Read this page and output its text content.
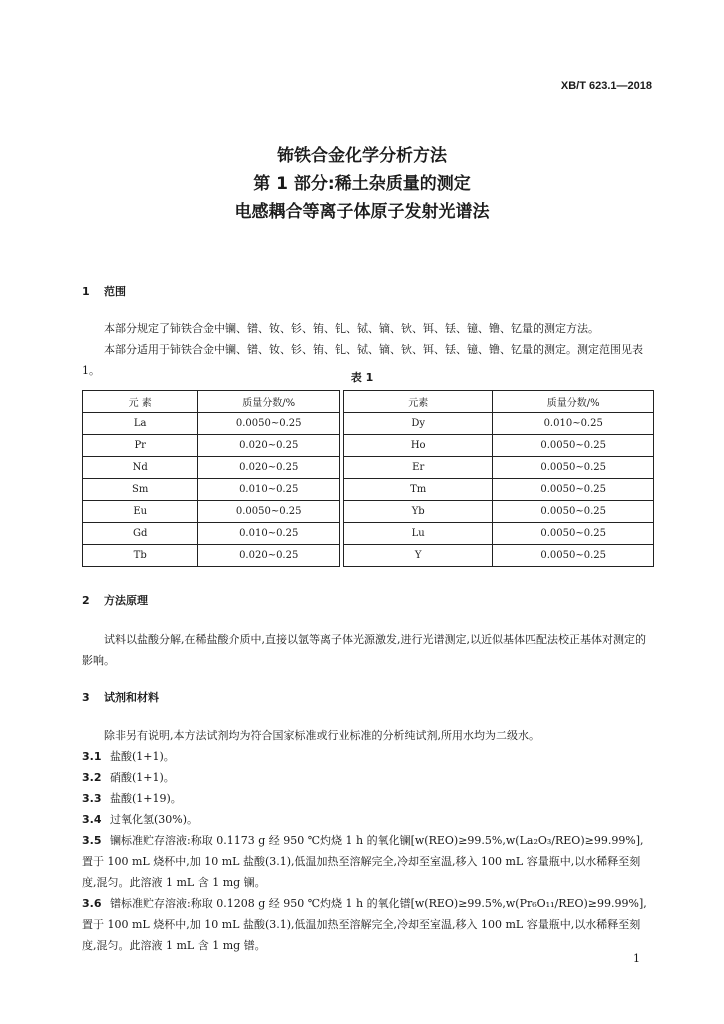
XB/T 623.1—2018
钸铁合金化学分析方法
第 1 部分:稀土杂质量的测定
电感耦合等离子体原子发射光谱法
1 范围
本部分规定了铈铁合金中镧、镨、钕、钐、铕、钆、铽、镝、钬、铒、铥、镱、镥、钇量的测定方法。
本部分适用于铈铁合金中镧、镨、钕、钐、铕、钆、铽、镝、钬、铒、铥、镱、镥、钇量的测定。测定范围见表 1。
表 1
元 素	质量分数/%
La	0.0050~0.25
Pr	0.020~0.25
Nd	0.020~0.25
Sm	0.010~0.25
Eu	0.0050~0.25
Gd	0.010~0.25
Tb	0.020~0.25
元素	质量分数/%
Dy	0.010~0.25
Ho	0.0050~0.25
Er	0.0050~0.25
Tm	0.0050~0.25
Yb	0.0050~0.25
Lu	0.0050~0.25
Y	0.0050~0.25
2 方法原理
试料以盐酸分解,在稀盐酸介质中,直接以氩等离子体光源激发,进行光谱测定,以近似基体匹配法校正基体对测定的影响。
3 试剂和材料
除非另有说明,本方法试剂均为符合国家标准或行业标准的分析纯试剂,所用水均为二级水。
3.1 盐酸(1+1)。
3.2 硝酸(1+1)。
3.3 盐酸(1+19)。
3.4 过氧化氢(30%)。
3.5 镧标准贮存溶液:称取 0.1173 g 经 950 ℃灼烧 1 h 的氧化镧[w(REO)≥99.5%,w(La₂O₃/REO)≥99.99%],置于 100 mL 烧杯中,加 10 mL 盐酸(3.1),低温加热至溶解完全,冷却至室温,移入 100 mL 容量瓶中,以水稀释至刻度,混匀。此溶液 1 mL 含 1 mg 镧。
3.6 镨标准贮存溶液:称取 0.1208 g 经 950 ℃灼烧 1 h 的氧化镨[w(REO)≥99.5%,w(Pr₆O₁₁/REO)≥99.99%],置于 100 mL 烧杯中,加 10 mL 盐酸(3.1),低温加热至溶解完全,冷却至室温,移入 100 mL 容量瓶中,以水稀释至刻度,混匀。此溶液 1 mL 含 1 mg 镨。
1
